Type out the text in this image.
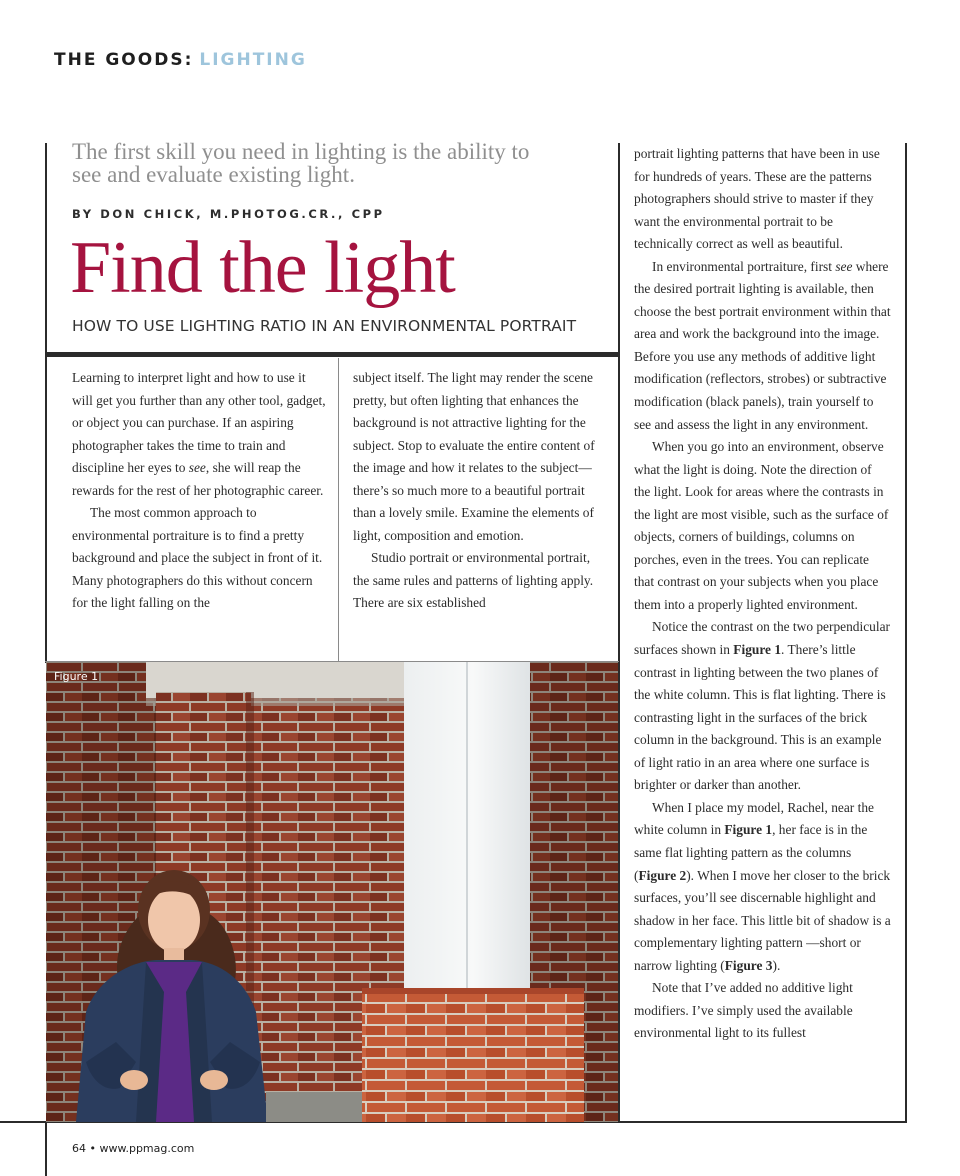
THE GOODS: LIGHTING

The first skill you need in lighting is the ability to see and evaluate existing light.

BY DON CHICK, M.PHOTOG.CR., CPP

Find the light

HOW TO USE LIGHTING RATIO IN AN ENVIRONMENTAL PORTRAIT

Learning to interpret light and how to use it will get you further than any other tool, gadget, or object you can purchase. If an aspiring photographer takes the time to train and discipline her eyes to see, she will reap the rewards for the rest of her photographic career.

The most common approach to environmental portraiture is to find a pretty background and place the subject in front of it. Many photographers do this without concern for the light falling on the

subject itself. The light may render the scene pretty, but often lighting that enhances the background is not attractive lighting for the subject. Stop to evaluate the entire content of the image and how it relates to the subject—there’s so much more to a beautiful portrait than a lovely smile. Examine the elements of light, composition and emotion.

Studio portrait or environmental portrait, the same rules and patterns of lighting apply. There are six established

portrait lighting patterns that have been in use for hundreds of years. These are the patterns photographers should strive to master if they want the environmental portrait to be technically correct as well as beautiful.

In environmental portraiture, first see where the desired portrait lighting is available, then choose the best portrait environment within that area and work the background into the image. Before you use any methods of additive light modification (reflectors, strobes) or subtractive modification (black panels), train yourself to see and assess the light in any environment.

When you go into an environment, observe what the light is doing. Note the direction of the light. Look for areas where the contrasts in the light are most visible, such as the surface of objects, corners of buildings, columns on porches, even in the trees. You can replicate that contrast on your subjects when you place them into a properly lighted environment.

Notice the contrast on the two perpendicular surfaces shown in Figure 1. There’s little contrast in lighting between the two planes of the white column. This is flat lighting. There is contrasting light in the surfaces of the brick column in the background. This is an example of light ratio in an area where one surface is brighter or darker than another.

When I place my model, Rachel, near the white column in Figure 1, her face is in the same flat lighting pattern as the columns (Figure 2). When I move her closer to the brick surfaces, you’ll see discernable highlight and shadow in her face. This little bit of shadow is a complementary lighting pattern —short or narrow lighting (Figure 3).

Note that I’ve added no additive light modifiers. I’ve simply used the available environmental light to its fullest

Figure 1

64 • www.ppmag.com
